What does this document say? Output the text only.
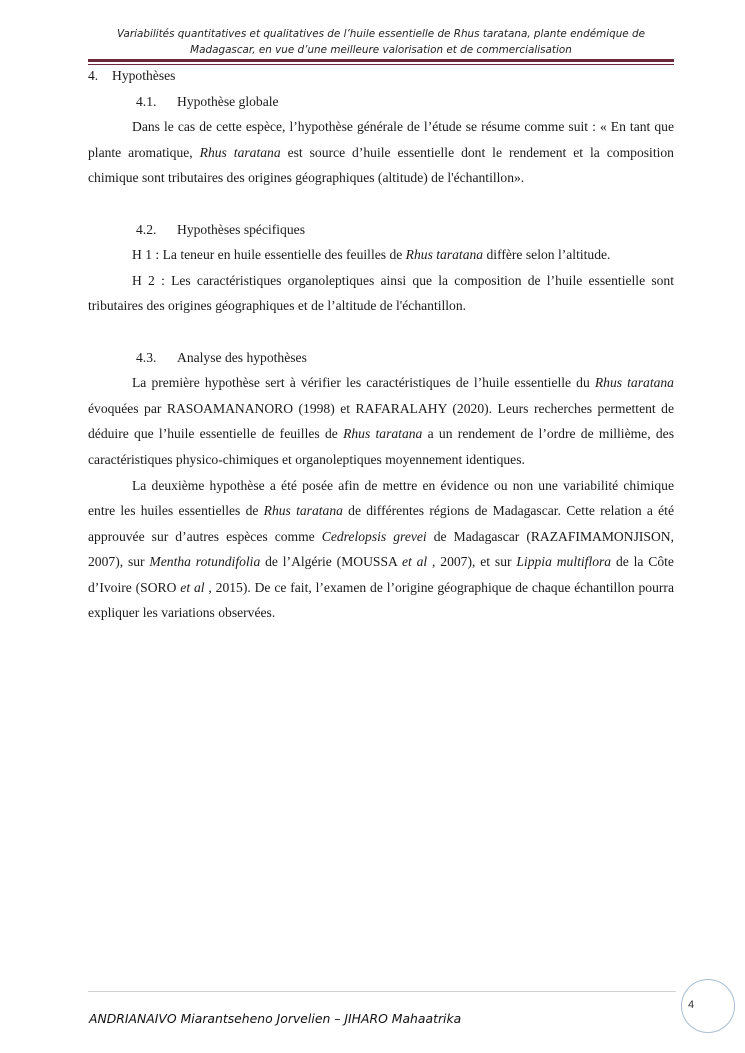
Variabilités quantitatives et qualitatives de l’huile essentielle de Rhus taratana, plante endémique de
Madagascar, en vue d’une meilleure valorisation et de commercialisation
4. Hypothèses
4.1. Hypothèse globale

Dans le cas de cette espèce, l’hypothèse générale de l’étude se résume comme suit : « En tant que plante aromatique, Rhus taratana est source d’huile essentielle dont le rendement et la composition chimique sont tributaires des origines géographiques (altitude) de l'échantillon».

4.2. Hypothèses spécifiques

H 1 : La teneur en huile essentielle des feuilles de Rhus taratana diffère selon l’altitude.

H 2 : Les caractéristiques organoleptiques ainsi que la composition de l’huile essentielle sont tributaires des origines géographiques et de l’altitude de l'échantillon.

4.3. Analyse des hypothèses

La première hypothèse sert à vérifier les caractéristiques de l’huile essentielle du Rhus taratana évoquées par RASOAMANANORO (1998) et RAFARALAHY (2020). Leurs recherches permettent de déduire que l’huile essentielle de feuilles de Rhus taratana a un rendement de l’ordre de millième, des caractéristiques physico-chimiques et organoleptiques moyennement identiques.

La deuxième hypothèse a été posée afin de mettre en évidence ou non une variabilité chimique entre les huiles essentielles de Rhus taratana de différentes régions de Madagascar. Cette relation a été approuvée sur d’autres espèces comme Cedrelopsis grevei de Madagascar (RAZAFIMAMONJISON, 2007), sur Mentha rotundifolia de l’Algérie (MOUSSA et al , 2007), et sur Lippia multiflora de la Côte d’Ivoire (SORO et al , 2015). De ce fait, l’examen de l’origine géographique de chaque échantillon pourra expliquer les variations observées.

ANDRIANAIVO Miarantseheno Jorvelien – JIHARO Mahaatrika
4
